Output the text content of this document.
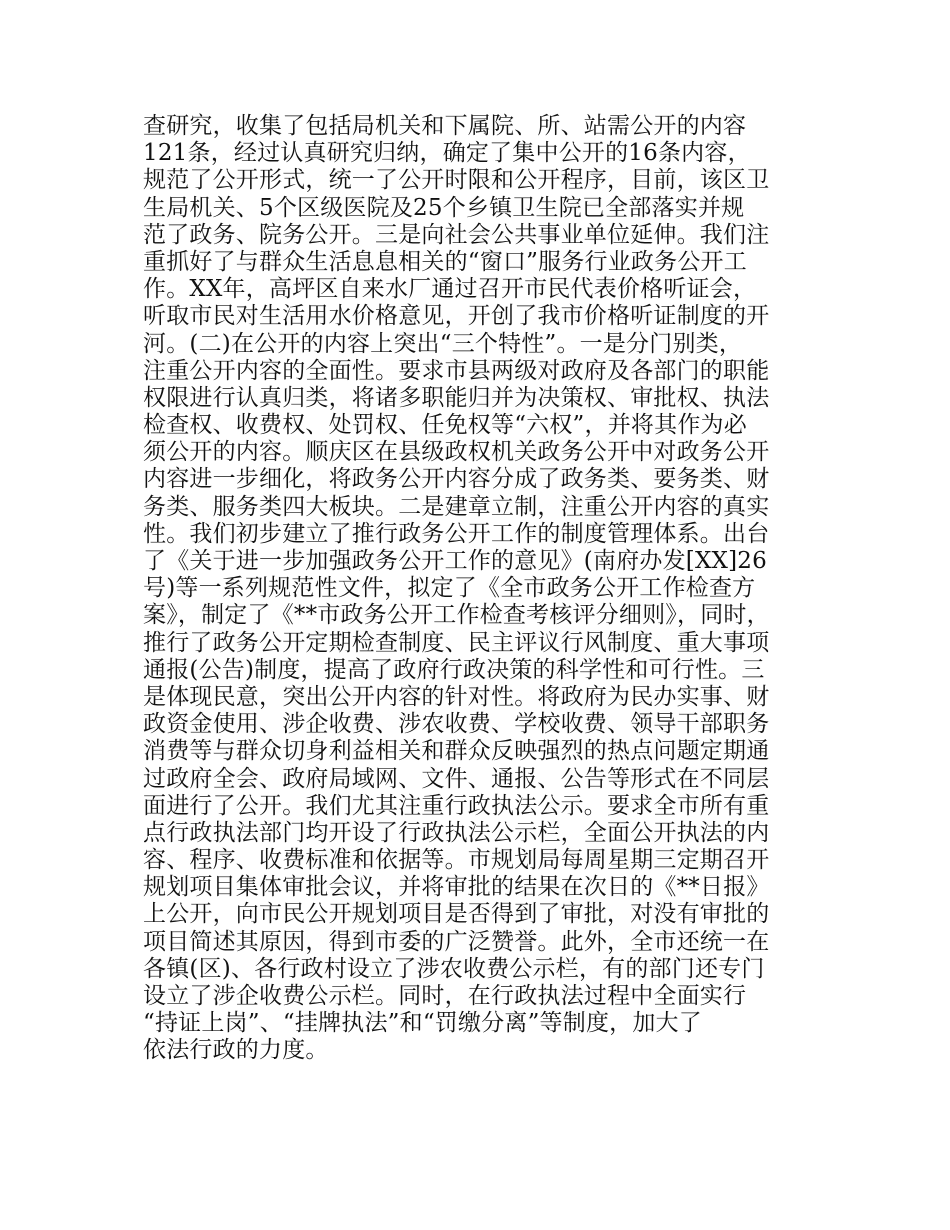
查研究，收集了包括局机关和下属院、所、站需公开的内容
121条，经过认真研究归纳，确定了集中公开的16条内容，
规范了公开形式，统一了公开时限和公开程序，目前，该区卫
生局机关、5个区级医院及25个乡镇卫生院已全部落实并规
范了政务、院务公开。三是向社会公共事业单位延伸。我们注
重抓好了与群众生活息息相关的“窗口”服务行业政务公开工
作。XX年，高坪区自来水厂通过召开市民代表价格听证会，
听取市民对生活用水价格意见，开创了我市价格听证制度的开
河。(二)在公开的内容上突出“三个特性”。一是分门别类，
注重公开内容的全面性。要求市县两级对政府及各部门的职能
权限进行认真归类，将诸多职能归并为决策权、审批权、执法
检查权、收费权、处罚权、任免权等“六权”，并将其作为必
须公开的内容。顺庆区在县级政权机关政务公开中对政务公开
内容进一步细化，将政务公开内容分成了政务类、要务类、财
务类、服务类四大板块。二是建章立制，注重公开内容的真实
性。我们初步建立了推行政务公开工作的制度管理体系。出台
了《关于进一步加强政务公开工作的意见》(南府办发[XX]26
号)等一系列规范性文件，拟定了《全市政务公开工作检查方
案》，制定了《**市政务公开工作检查考核评分细则》，同时，
推行了政务公开定期检查制度、民主评议行风制度、重大事项
通报(公告)制度，提高了政府行政决策的科学性和可行性。三
是体现民意，突出公开内容的针对性。将政府为民办实事、财
政资金使用、涉企收费、涉农收费、学校收费、领导干部职务
消费等与群众切身利益相关和群众反映强烈的热点问题定期通
过政府全会、政府局域网、文件、通报、公告等形式在不同层
面进行了公开。我们尤其注重行政执法公示。要求全市所有重
点行政执法部门均开设了行政执法公示栏，全面公开执法的内
容、程序、收费标准和依据等。市规划局每周星期三定期召开
规划项目集体审批会议，并将审批的结果在次日的《**日报》
上公开，向市民公开规划项目是否得到了审批，对没有审批的
项目简述其原因，得到市委的广泛赞誉。此外，全市还统一在
各镇(区)、各行政村设立了涉农收费公示栏，有的部门还专门
设立了涉企收费公示栏。同时，在行政执法过程中全面实行
“持证上岗”、“挂牌执法”和“罚缴分离”等制度，加大了
依法行政的力度。
